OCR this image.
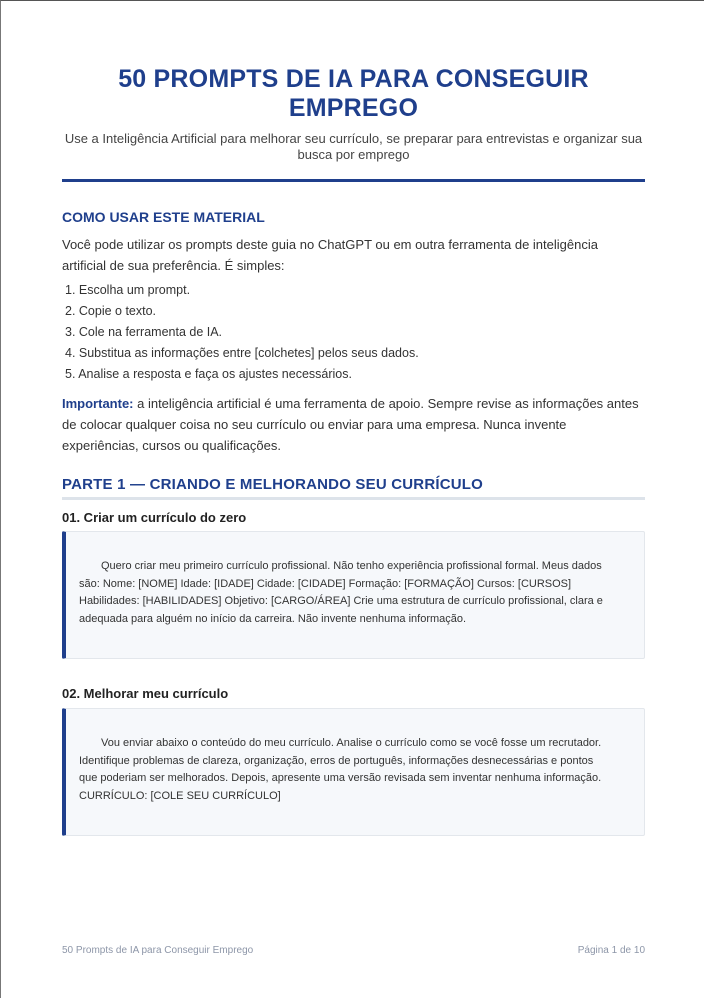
50 PROMPTS DE IA PARA CONSEGUIR EMPREGO

Use a Inteligência Artificial para melhorar seu currículo, se preparar para entrevistas e organizar sua busca por emprego

COMO USAR ESTE MATERIAL

Você pode utilizar os prompts deste guia no ChatGPT ou em outra ferramenta de inteligência artificial de sua preferência. É simples:

1. Escolha um prompt.
2. Copie o texto.
3. Cole na ferramenta de IA.
4. Substitua as informações entre [colchetes] pelos seus dados.
5. Analise a resposta e faça os ajustes necessários.

Importante: a inteligência artificial é uma ferramenta de apoio. Sempre revise as informações antes de colocar qualquer coisa no seu currículo ou enviar para uma empresa. Nunca invente experiências, cursos ou qualificações.

PARTE 1 — CRIANDO E MELHORANDO SEU CURRÍCULO
01. Criar um currículo do zero

Quero criar meu primeiro currículo profissional. Não tenho experiência profissional formal. Meus dados são: Nome: [NOME] Idade: [IDADE] Cidade: [CIDADE] Formação: [FORMAÇÃO] Cursos: [CURSOS] Habilidades: [HABILIDADES] Objetivo: [CARGO/ÁREA] Crie uma estrutura de currículo profissional, clara e adequada para alguém no início da carreira. Não invente nenhuma informação.

02. Melhorar meu currículo

Vou enviar abaixo o conteúdo do meu currículo. Analise o currículo como se você fosse um recrutador. Identifique problemas de clareza, organização, erros de português, informações desnecessárias e pontos que poderiam ser melhorados. Depois, apresente uma versão revisada sem inventar nenhuma informação. CURRÍCULO: [COLE SEU CURRÍCULO]

50 Prompts de IA para Conseguir Emprego	Página 1 de 10
